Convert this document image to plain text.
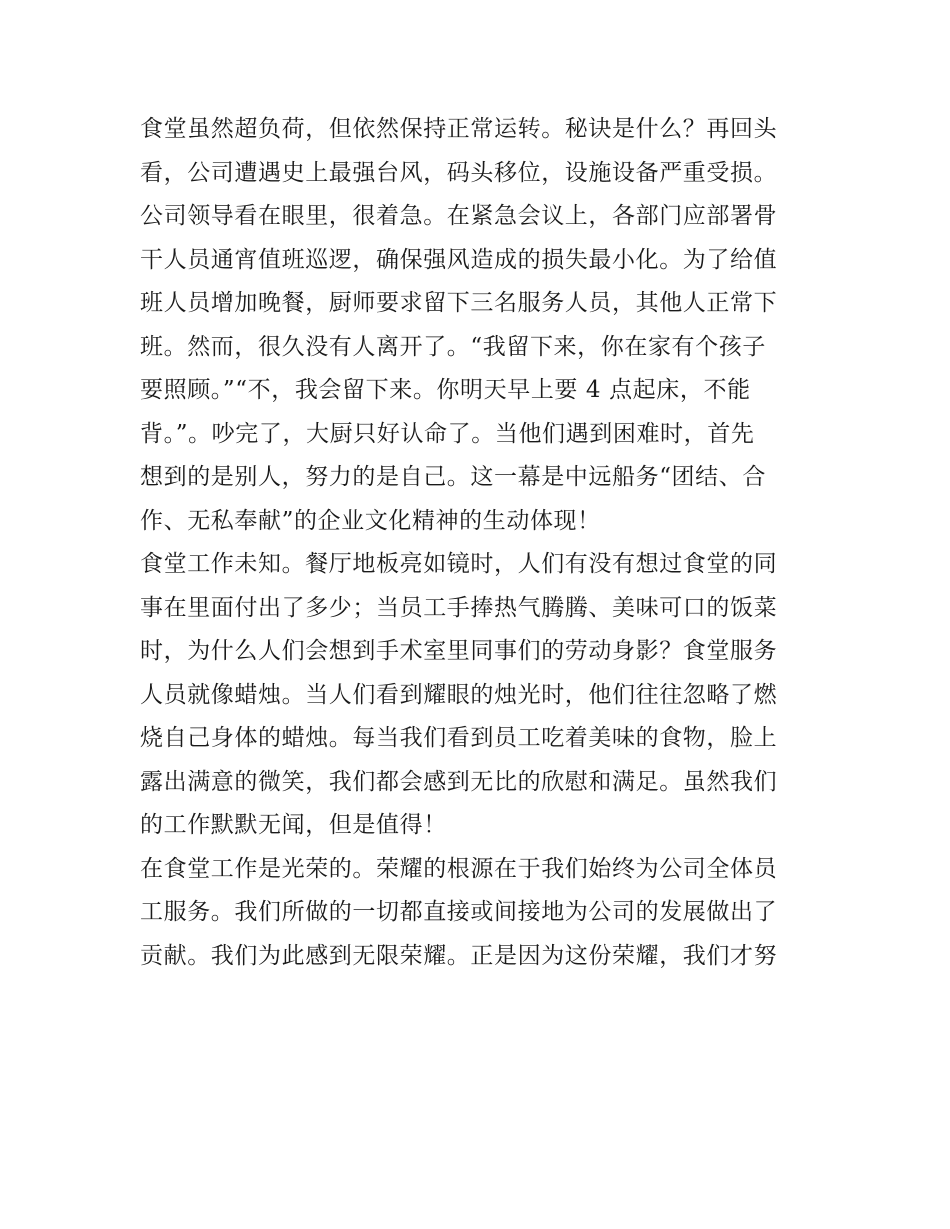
食堂虽然超负荷，但依然保持正常运转。秘诀是什么？再回头
看，公司遭遇史上最强台风，码头移位，设施设备严重受损。
公司领导看在眼里，很着急。在紧急会议上，各部门应部署骨
干人员通宵值班巡逻，确保强风造成的损失最小化。为了给值
班人员增加晚餐，厨师要求留下三名服务人员，其他人正常下
班。然而，很久没有人离开了。“我留下来，你在家有个孩子
要照顾。”“不，我会留下来。你明天早上要 4 点起床，不能
背。”。吵完了，大厨只好认命了。当他们遇到困难时，首先
想到的是别人，努力的是自己。这一幕是中远船务“团结、合
作、无私奉献”的企业文化精神的生动体现！
食堂工作未知。餐厅地板亮如镜时，人们有没有想过食堂的同
事在里面付出了多少；当员工手捧热气腾腾、美味可口的饭菜
时，为什么人们会想到手术室里同事们的劳动身影？食堂服务
人员就像蜡烛。当人们看到耀眼的烛光时，他们往往忽略了燃
烧自己身体的蜡烛。每当我们看到员工吃着美味的食物，脸上
露出满意的微笑，我们都会感到无比的欣慰和满足。虽然我们
的工作默默无闻，但是值得！
在食堂工作是光荣的。荣耀的根源在于我们始终为公司全体员
工服务。我们所做的一切都直接或间接地为公司的发展做出了
贡献。我们为此感到无限荣耀。正是因为这份荣耀，我们才努
